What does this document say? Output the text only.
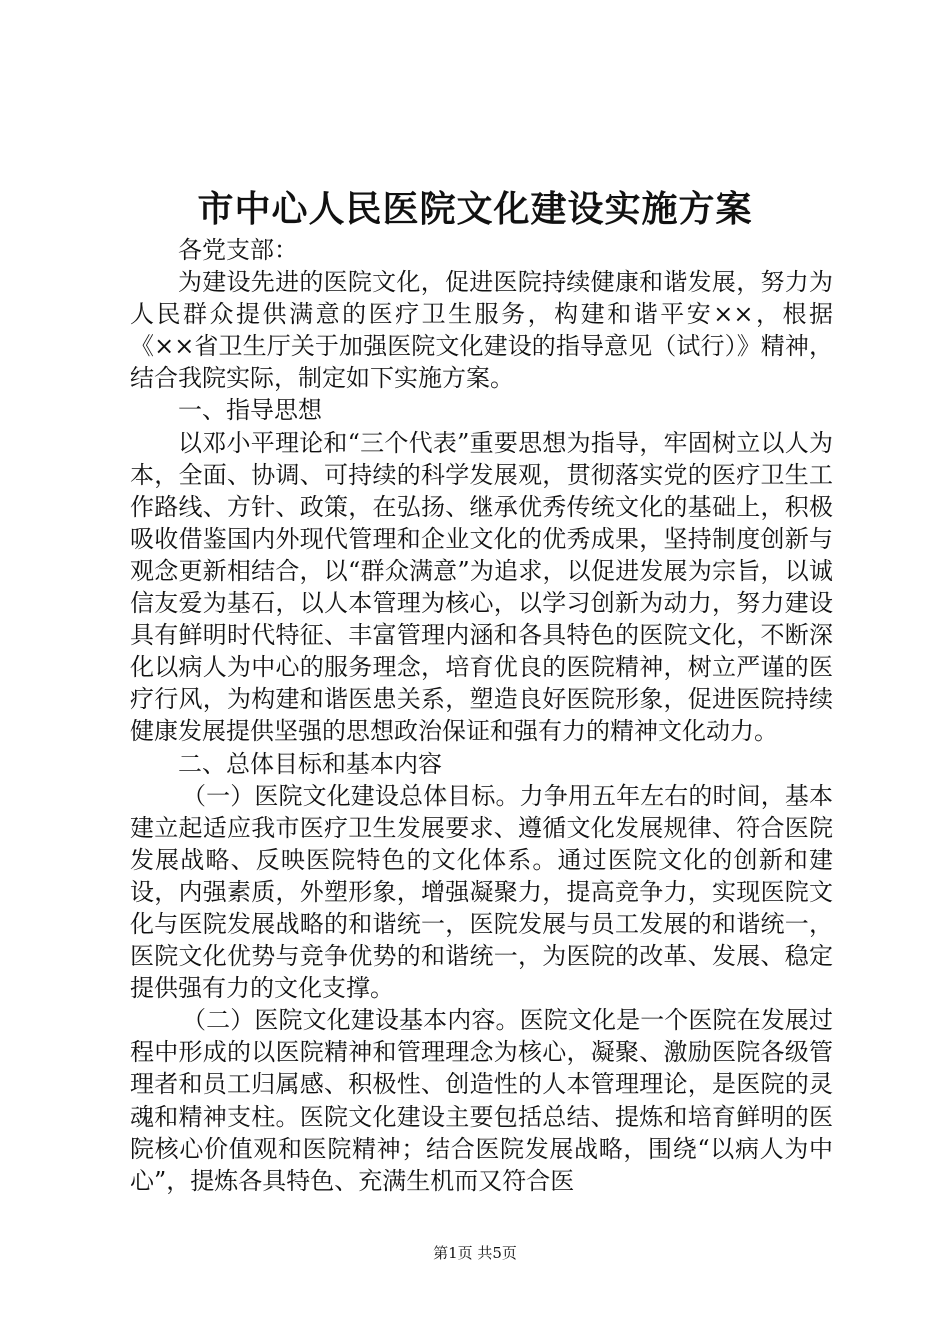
市中心人民医院文化建设实施方案

各党支部：

为建设先进的医院文化，促进医院持续健康和谐发展，努力为人民群众提供满意的医疗卫生服务，构建和谐平安××，根据《××省卫生厅关于加强医院文化建设的指导意见（试行）》精神，结合我院实际，制定如下实施方案。

一、指导思想

以邓小平理论和“三个代表”重要思想为指导，牢固树立以人为本，全面、协调、可持续的科学发展观，贯彻落实党的医疗卫生工作路线、方针、政策，在弘扬、继承优秀传统文化的基础上，积极吸收借鉴国内外现代管理和企业文化的优秀成果，坚持制度创新与观念更新相结合，以“群众满意”为追求，以促进发展为宗旨，以诚信友爱为基石，以人本管理为核心，以学习创新为动力，努力建设具有鲜明时代特征、丰富管理内涵和各具特色的医院文化，不断深化以病人为中心的服务理念，培育优良的医院精神，树立严谨的医疗行风，为构建和谐医患关系，塑造良好医院形象，促进医院持续健康发展提供坚强的思想政治保证和强有力的精神文化动力。

二、总体目标和基本内容

（一）医院文化建设总体目标。力争用五年左右的时间，基本建立起适应我市医疗卫生发展要求、遵循文化发展规律、符合医院发展战略、反映医院特色的文化体系。通过医院文化的创新和建设，内强素质，外塑形象，增强凝聚力，提高竞争力，实现医院文化与医院发展战略的和谐统一，医院发展与员工发展的和谐统一，医院文化优势与竞争优势的和谐统一，为医院的改革、发展、稳定提供强有力的文化支撑。

（二）医院文化建设基本内容。医院文化是一个医院在发展过程中形成的以医院精神和管理理念为核心，凝聚、激励医院各级管理者和员工归属感、积极性、创造性的人本管理理论，是医院的灵魂和精神支柱。医院文化建设主要包括总结、提炼和培育鲜明的医院核心价值观和医院精神；结合医院发展战略，围绕“以病人为中心”，提炼各具特色、充满生机而又符合医

第1页 共5页
